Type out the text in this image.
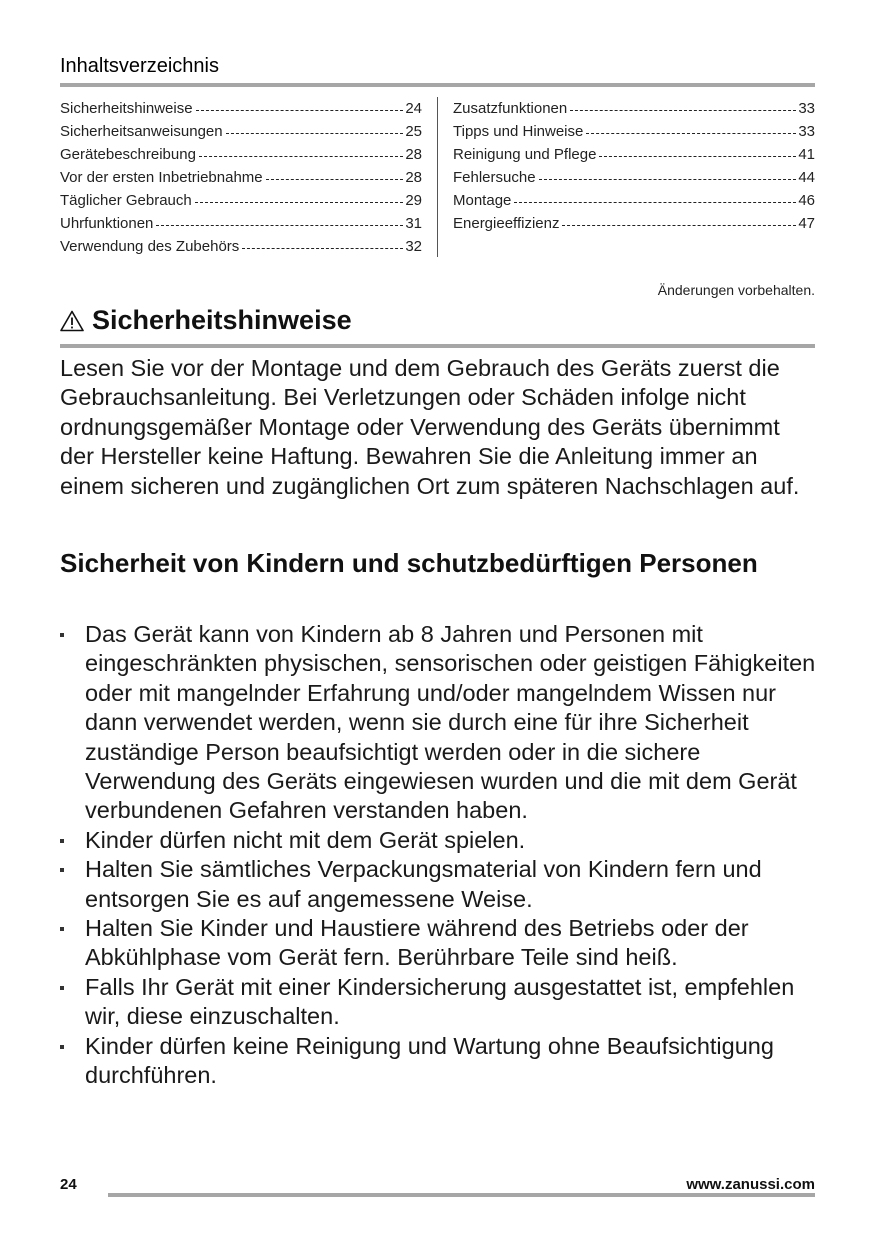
Inhaltsverzeichnis
Sicherheitshinweise	24
Sicherheitsanweisungen	25
Gerätebeschreibung	28
Vor der ersten Inbetriebnahme	28
Täglicher Gebrauch	29
Uhrfunktionen	31
Verwendung des Zubehörs	32
Zusatzfunktionen	33
Tipps und Hinweise	33
Reinigung und Pflege	41
Fehlersuche	44
Montage	46
Energieeffizienz	47
Änderungen vorbehalten.
Sicherheitshinweise

Lesen Sie vor der Montage und dem Gebrauch des Geräts zuerst die Gebrauchsanleitung. Bei Verletzungen oder Schäden infolge nicht ordnungsgemäßer Montage oder Verwendung des Geräts übernimmt der Hersteller keine Haftung. Bewahren Sie die Anleitung immer an einem sicheren und zugänglichen Ort zum späteren Nachschlagen auf.

Sicherheit von Kindern und schutzbedürftigen Personen
Das Gerät kann von Kindern ab 8 Jahren und Personen mit eingeschränkten physischen, sensorischen oder geistigen Fähigkeiten oder mit mangelnder Erfahrung und/oder mangelndem Wissen nur dann verwendet werden, wenn sie durch eine für ihre Sicherheit zuständige Person beaufsichtigt werden oder in die sichere Verwendung des Geräts eingewiesen wurden und die mit dem Gerät verbundenen Gefahren verstanden haben.
Kinder dürfen nicht mit dem Gerät spielen.
Halten Sie sämtliches Verpackungsmaterial von Kindern fern und entsorgen Sie es auf angemessene Weise.
Halten Sie Kinder und Haustiere während des Betriebs oder der Abkühlphase vom Gerät fern. Berührbare Teile sind heiß.
Falls Ihr Gerät mit einer Kindersicherung ausgestattet ist, empfehlen wir, diese einzuschalten.
Kinder dürfen keine Reinigung und Wartung ohne Beaufsichtigung durchführen.
24	www.zanussi.com
